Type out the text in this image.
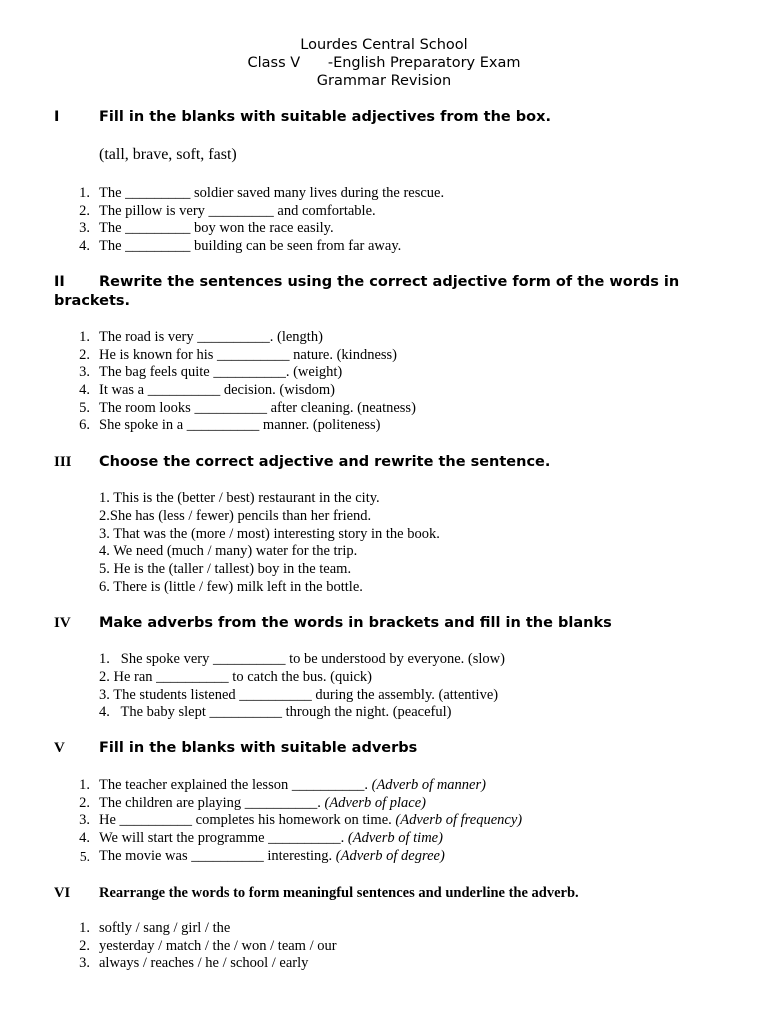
Lourdes Central School
Class V      -English Preparatory Exam
Grammar Revision
I	Fill in the blanks with suitable adjectives from the box.
(tall, brave, soft, fast)
1. The _________ soldier saved many lives during the rescue.
2. The pillow is very _________ and comfortable.
3. The _________ boy won the race easily.
4. The _________ building can be seen from far away.
II Rewrite the sentences using the correct adjective form of the words in
brackets.
1. The road is very __________. (length)
2. He is known for his __________ nature. (kindness)
3. The bag feels quite __________. (weight)
4. It was a __________ decision. (wisdom)
5. The room looks __________ after cleaning. (neatness)
6. She spoke in a __________ manner. (politeness)
III Choose the correct adjective and rewrite the sentence.
1. This is the (better / best) restaurant in the city.
2.She has (less / fewer) pencils than her friend.
3. That was the (more / most) interesting story in the book.
4. We need (much / many) water for the trip.
5. He is the (taller / tallest) boy in the team.
6. There is (little / few) milk left in the bottle.
IV Make adverbs from the words in brackets and fill in the blanks
1.   She spoke very __________ to be understood by everyone. (slow)
2. He ran __________ to catch the bus. (quick)
3. The students listened __________ during the assembly. (attentive)
4.   The baby slept __________ through the night. (peaceful)
V Fill in the blanks with suitable adverbs
1. The teacher explained the lesson __________. (Adverb of manner)
2. The children are playing __________. (Adverb of place)
3. He __________ completes his homework on time. (Adverb of frequency)
4. We will start the programme __________. (Adverb of time)
5. The movie was __________ interesting. (Adverb of degree)
VI Rearrange the words to form meaningful sentences and underline the adverb.
1. softly / sang / girl / the
2. yesterday / match / the / won / team / our
3. always / reaches / he / school / early
